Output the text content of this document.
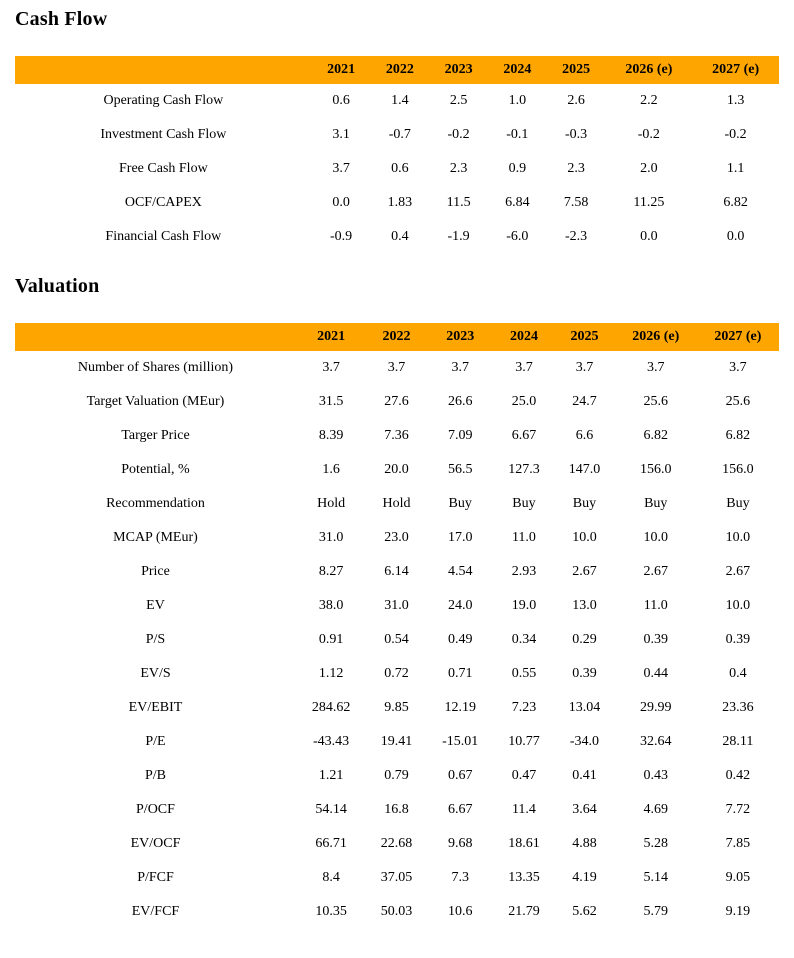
Cash Flow
	2021	2022	2023	2024	2025	2026 (e)	2027 (e)
Operating Cash Flow	0.6	1.4	2.5	1.0	2.6	2.2	1.3
Investment Cash Flow	3.1	-0.7	-0.2	-0.1	-0.3	-0.2	-0.2
Free Cash Flow	3.7	0.6	2.3	0.9	2.3	2.0	1.1
OCF/CAPEX	0.0	1.83	11.5	6.84	7.58	11.25	6.82
Financial Cash Flow	-0.9	0.4	-1.9	-6.0	-2.3	0.0	0.0
Valuation
	2021	2022	2023	2024	2025	2026 (e)	2027 (e)
Number of Shares (million)	3.7	3.7	3.7	3.7	3.7	3.7	3.7
Target Valuation (MEur)	31.5	27.6	26.6	25.0	24.7	25.6	25.6
Targer Price	8.39	7.36	7.09	6.67	6.6	6.82	6.82
Potential, %	1.6	20.0	56.5	127.3	147.0	156.0	156.0
Recommendation	Hold	Hold	Buy	Buy	Buy	Buy	Buy
MCAP (MEur)	31.0	23.0	17.0	11.0	10.0	10.0	10.0
Price	8.27	6.14	4.54	2.93	2.67	2.67	2.67
EV	38.0	31.0	24.0	19.0	13.0	11.0	10.0
P/S	0.91	0.54	0.49	0.34	0.29	0.39	0.39
EV/S	1.12	0.72	0.71	0.55	0.39	0.44	0.4
EV/EBIT	284.62	9.85	12.19	7.23	13.04	29.99	23.36
P/E	-43.43	19.41	-15.01	10.77	-34.0	32.64	28.11
P/B	1.21	0.79	0.67	0.47	0.41	0.43	0.42
P/OCF	54.14	16.8	6.67	11.4	3.64	4.69	7.72
EV/OCF	66.71	22.68	9.68	18.61	4.88	5.28	7.85
P/FCF	8.4	37.05	7.3	13.35	4.19	5.14	9.05
EV/FCF	10.35	50.03	10.6	21.79	5.62	5.79	9.19
